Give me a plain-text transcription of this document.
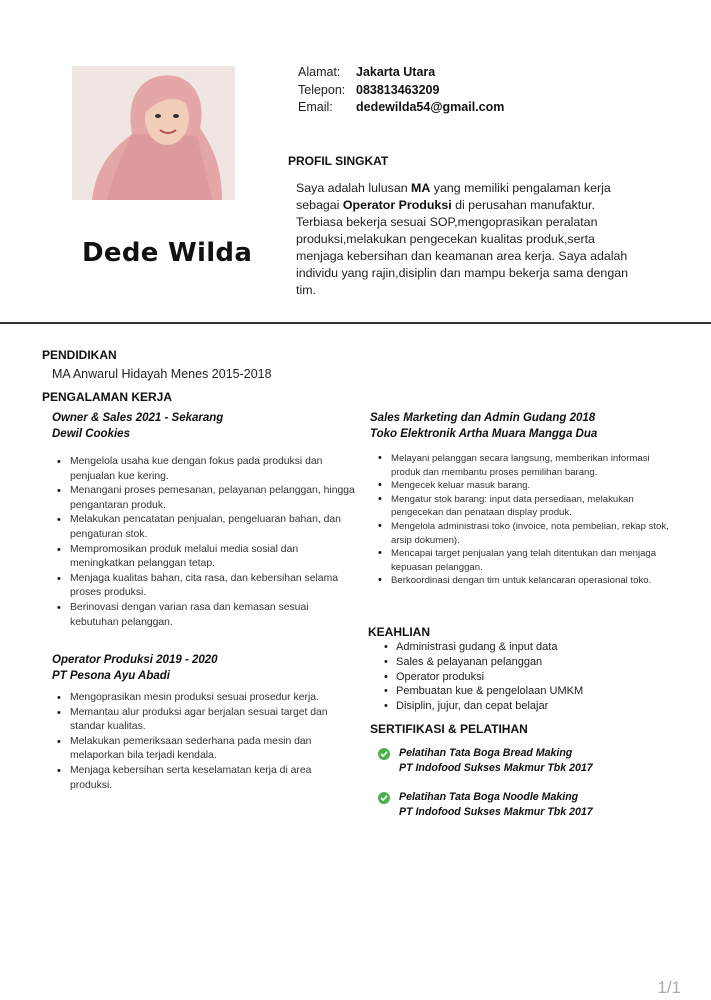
Dede Wilda
Alamat:	Jakarta Utara
Telepon: 083813463209
Email:	dedewilda54@gmail.com
PROFIL SINGKAT
Saya adalah lulusan MA yang memiliki pengalaman kerja sebagai Operator Produksi di perusahan manufaktur. Terbiasa bekerja sesuai SOP,mengoprasikan peralatan produksi,melakukan pengecekan kualitas produk,serta menjaga kebersihan dan keamanan area kerja. Saya adalah individu yang rajin,disiplin dan mampu bekerja sama dengan tim.
PENDIDIKAN
MA Anwarul Hidayah Menes 2015-2018
PENGALAMAN KERJA
Owner & Sales 2021 - Sekarang
Dewil Cookies
• Mengelola usaha kue dengan fokus pada produksi dan penjualan kue kering.
• Menangani proses pemesanan, pelayanan pelanggan, hingga pengantaran produk.
• Melakukan pencatatan penjualan, pengeluaran bahan, dan pengaturan stok.
• Mempromosikan produk melalui media sosial dan meningkatkan pelanggan tetap.
• Menjaga kualitas bahan, cita rasa, dan kebersihan selama proses produksi.
• Berinovasi dengan varian rasa dan kemasan sesuai kebutuhan pelanggan.
Operator Produksi 2019 - 2020
PT Pesona Ayu Abadi
• Mengoprasikan mesin produksi sesuai prosedur kerja.
• Memantau alur produksi agar berjalan sesuai target dan standar kualitas.
• Melakukan pemeriksaan sederhana pada mesin dan melaporkan bila terjadi kendala.
• Menjaga kebersihan serta keselamatan kerja di area produksi.
Sales Marketing dan Admin Gudang 2018
Toko Elektronik Artha Muara Mangga Dua
• Melayani pelanggan secara langsung, memberikan informasi produk dan membantu proses pemilihan barang.
• Mengecek keluar masuk barang.
• Mengatur stok barang: input data persediaan, melakukan pengecekan dan penataan display produk.
• Mengelola administrasi toko (invoice, nota pembelian, rekap stok, arsip dokumen).
• Mencapai target penjualan yang telah ditentukan dan menjaga kepuasan pelanggan.
• Berkoordinasi dengan tim untuk kelancaran operasional toko.
KEAHLIAN
• Administrasi gudang & input data
• Sales & pelayanan pelanggan
• Operator produksi
• Pembuatan kue & pengelolaan UMKM
• Disiplin, jujur, dan cepat belajar
SERTIFIKASI & PELATIHAN
Pelatihan Tata Boga Bread Making
PT Indofood Sukses Makmur Tbk 2017
Pelatihan Tata Boga Noodle Making
PT Indofood Sukses Makmur Tbk 2017
1/1
